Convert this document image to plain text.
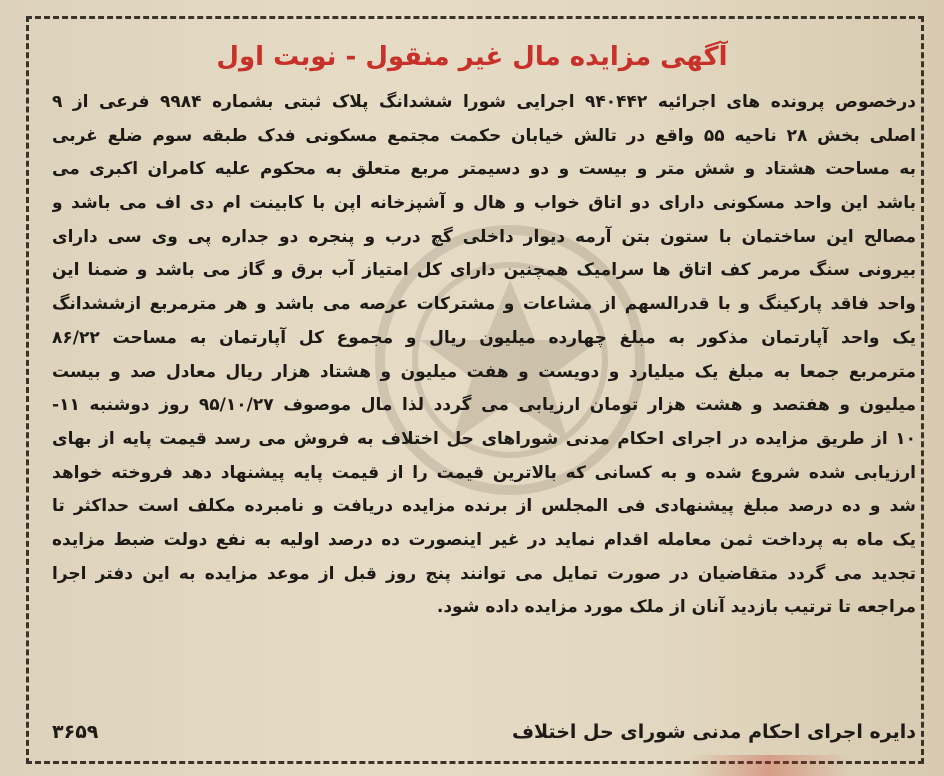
آگهی مزایده مال غیر منقول - نوبت اول
درخصوص پرونده های اجرائیه ۹۴۰۴۴۲ اجرایی شورا ششدانگ پلاک ثبتی بشماره ۹۹۸۴ فرعی از ۹
اصلی بخش ۲۸ ناحیه ۵۵ واقع در تالش خیابان حکمت مجتمع مسکونی فدک طبقه سوم ضلع غربی
به مساحت هشتاد و شش متر و بیست و دو دسیمتر مربع متعلق به محکوم علیه کامران اکبری می
باشد این واحد مسکونی دارای دو اتاق خواب و هال و آشپزخانه اپن با کابینت ام دی اف می باشد و
مصالح این ساختمان با ستون بتن آرمه دیوار داخلی گچ درب و پنجره دو جداره پی وی سی دارای
بیرونی سنگ مرمر کف اتاق ها سرامیک همچنین دارای کل امتیاز آب برق و گاز می باشد و ضمنا این
واحد فاقد پارکینگ و با قدرالسهم از مشاعات و مشترکات عرصه می باشد و هر مترمربع ازششدانگ
یک واحد آپارتمان مذکور به مبلغ چهارده میلیون ریال و مجموع کل آپارتمان به مساحت ۸۶/۲۲
مترمربع جمعا به مبلغ یک میلیارد و دویست و هفت میلیون و هشتاد هزار ریال معادل صد و بیست
میلیون و هفتصد و هشت هزار تومان ارزیابی می گردد لذا مال موصوف ۹۵/۱۰/۲۷ روز دوشنبه ۱۱-
۱۰ از طریق مزایده در اجرای احکام مدنی شوراهای حل اختلاف به فروش می رسد قیمت پایه از بهای
ارزیابی شده شروع شده و به کسانی که بالاترین قیمت را از قیمت پایه پیشنهاد دهد فروخته خواهد
شد و ده درصد مبلغ پیشنهادی فی المجلس از برنده مزایده دریافت و نامبرده مکلف است حداکثر تا
یک ماه به پرداخت ثمن معامله اقدام نماید در غیر اینصورت ده درصد اولیه به نفع دولت ضبط مزایده
تجدید می گردد متقاضیان در صورت تمایل می توانند پنج روز قبل از موعد مزایده به این دفتر اجرا
مراجعه تا ترتیب بازدید آنان از ملک مورد مزایده داده شود.
دایره اجرای احکام مدنی شورای حل اختلاف
۳۶۵۹
